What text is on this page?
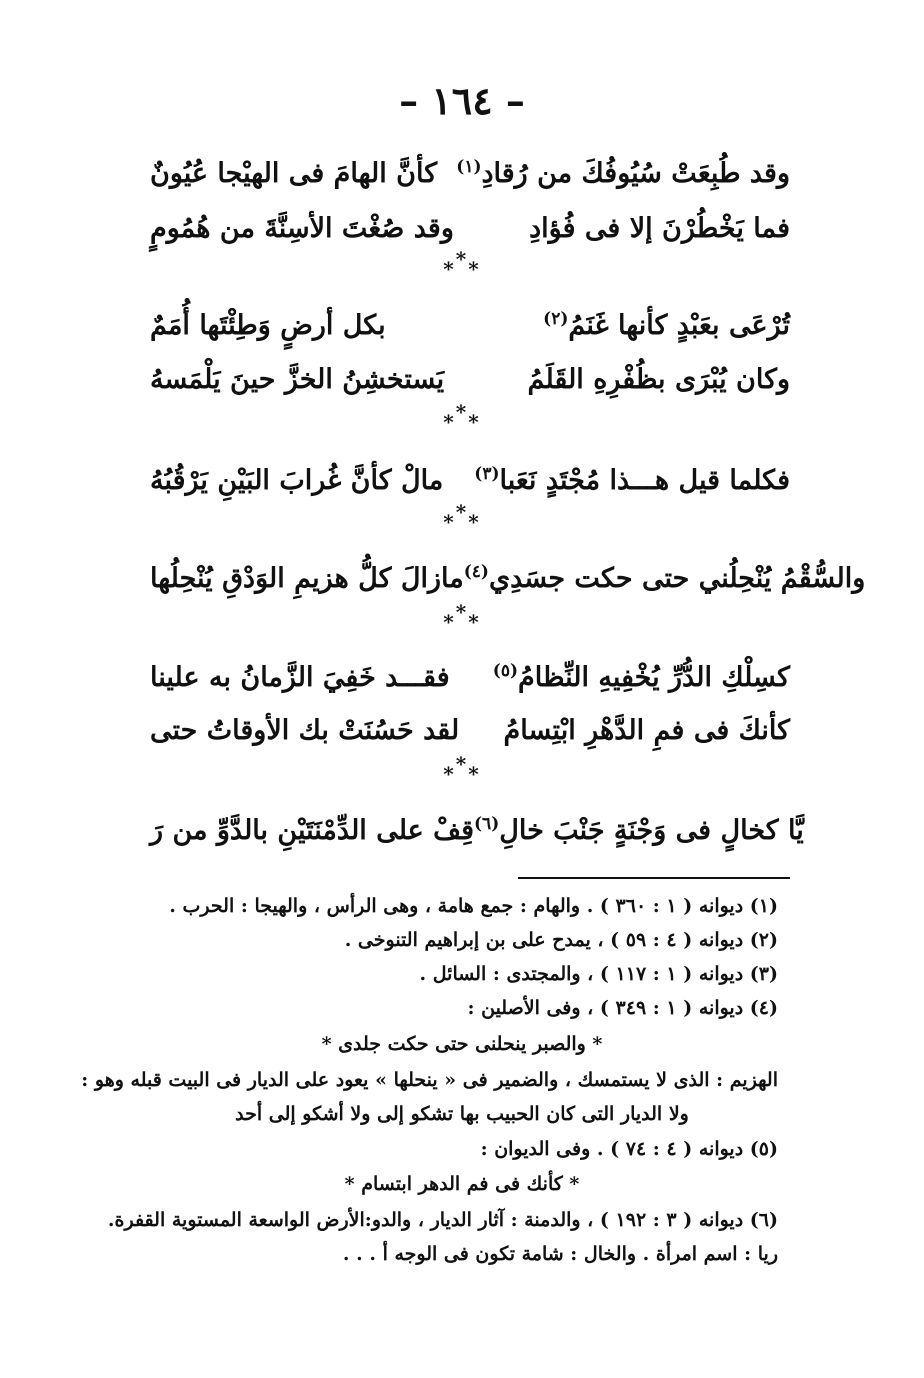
– ١٦٤ –
كأنَّ الهامَ فى الهيْجا عُيُونٌ	وقد طُبِعَتْ سُيُوفُكَ من رُقادِ$^{(١)}$
وقد صُغْتَ الأسِنَّةَ من هُمُومٍ	فما يَخْطُرْنَ إلا فى فُؤادِ
***
بكل أرضٍ وَطِئْتَها أُمَمٌ	تُرْعَى بعَبْدٍ كأنها غَنَمُ$^{(٢)}$
يَستخشِنُ الخزَّ حينَ يَلْمَسهُ	وكان يُبْرَى بظُفْرِهِ القَلَمُ
***
مالْ كأنَّ غُرابَ البَيْنِ يَرْقُبُهُ	فكلما قيل هـــذا مُجْتَدٍ نَعَبا$^{(٣)}$
***
مازالَ كلُّ هزيمِ الوَدْقِ يُنْحِلُها والسُّقْمُ يُنْحِلُني حتى حكت جسَدِي$^{(٤)}$
***
فقـــد خَفِيَ الزَّمانُ به علينا	كسِلْكِ الدُّرِّ يُخْفِيهِ النِّظامُ$^{(٥)}$
لقد حَسُنَتْ بك الأوقاتُ حتى كأنكَ فى فمِ الدَّهْرِ ابْتِسامُ
***
قِفْ على الدِّمْنَتَيْنِ بالدَّوِّ من رَ يَّا كخالٍ فى وَجْنَةٍ جَنْبَ خالِ$^{(٦)}$
(١) ديوانه ( ١ : ٣٦٠ ) . والهام : جمع هامة ، وهى الرأس ، والهيجا : الحرب .
(٢) ديوانه ( ٤ : ٥٩ ) ، يمدح على بن إبراهيم التنوخى .
(٣) ديوانه ( ١ : ١١٧ ) ، والمجتدى : السائل .
(٤) ديوانه ( ١ : ٣٤٩ ) ، وفى الأصلين :
* والصبر ينحلنى حتى حكت جلدى *
الهزيم : الذى لا يستمسك ، والضمير فى « ينحلها » يعود على الديار فى البيت قبله وهو :
ولا الديار التى كان الحبيب بها تشكو إلى ولا أشكو إلى أحد
(٥) ديوانه ( ٤ : ٧٤ ) . وفى الديوان :
* كأنك فى فم الدهر ابتسام *
(٦) ديوانه ( ٣ : ١٩٢ ) ، والدمنة : آثار الديار ، والدو:الأرض الواسعة المستوية القفرة.
ريا : اسم امرأة . والخال : شامة تكون فى الوجه أ . . .
